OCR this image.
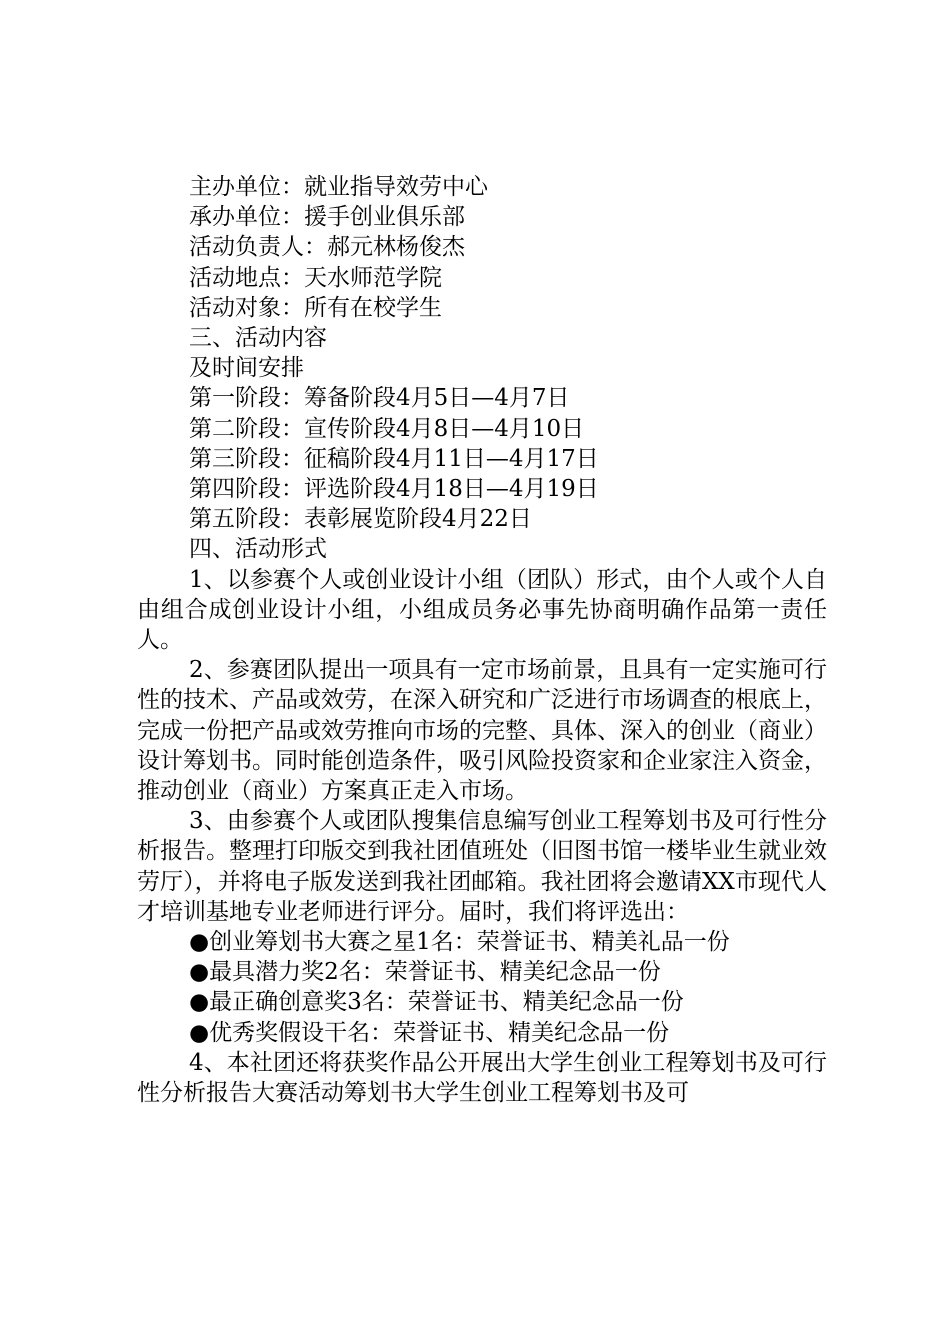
主办单位：就业指导效劳中心

承办单位：援手创业俱乐部

活动负责人：郝元林杨俊杰

活动地点：天水师范学院

活动对象：所有在校学生

三、活动内容

及时间安排

第一阶段：筹备阶段4月5日—4月7日

第二阶段：宣传阶段4月8日—4月10日

第三阶段：征稿阶段4月11日—4月17日

第四阶段：评选阶段4月18日—4月19日

第五阶段：表彰展览阶段4月22日

四、活动形式

1、以参赛个人或创业设计小组（团队）形式，由个人或个人自由组合成创业设计小组，小组成员务必事先协商明确作品第一责任人。

2、参赛团队提出一项具有一定市场前景，且具有一定实施可行性的技术、产品或效劳，在深入研究和广泛进行市场调查的根底上，完成一份把产品或效劳推向市场的完整、具体、深入的创业（商业）设计筹划书。同时能创造条件，吸引风险投资家和企业家注入资金，推动创业（商业）方案真正走入市场。

3、由参赛个人或团队搜集信息编写创业工程筹划书及可行性分析报告。整理打印版交到我社团值班处（旧图书馆一楼毕业生就业效劳厅），并将电子版发送到我社团邮箱。我社团将会邀请XX市现代人才培训基地专业老师进行评分。届时，我们将评选出：

●创业筹划书大赛之星1名：荣誉证书、精美礼品一份

●最具潜力奖2名：荣誉证书、精美纪念品一份

●最正确创意奖3名：荣誉证书、精美纪念品一份

●优秀奖假设干名：荣誉证书、精美纪念品一份

4、本社团还将获奖作品公开展出大学生创业工程筹划书及可行性分析报告大赛活动筹划书大学生创业工程筹划书及可
